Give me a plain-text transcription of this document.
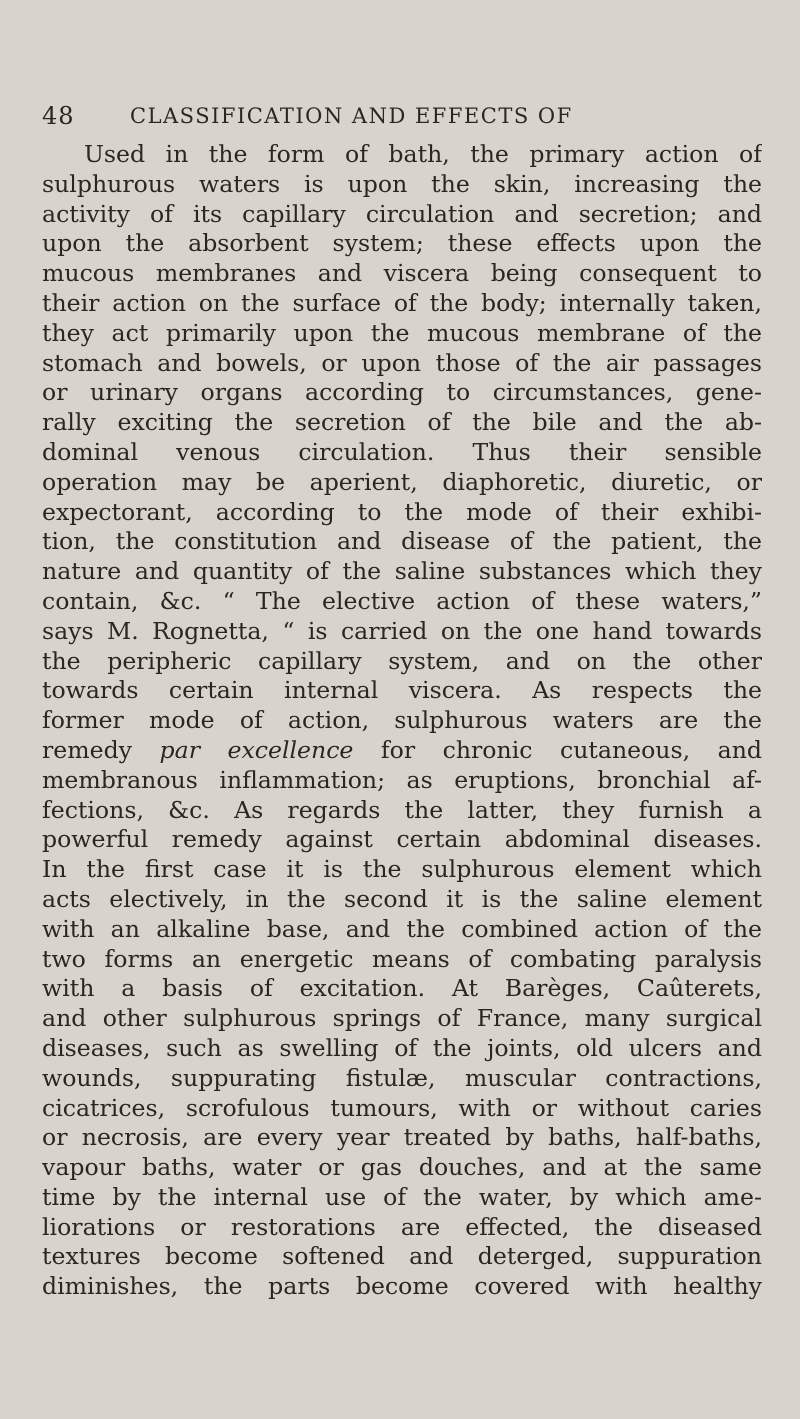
48	CLASSIFICATION AND EFFECTS OF
Used in the form of bath, the primary action of
sulphurous waters is upon the skin, increasing the
activity of its capillary circulation and secretion; and
upon the absorbent system; these effects upon the
mucous membranes and viscera being consequent to
their action on the surface of the body; internally taken,
they act primarily upon the mucous membrane of the
stomach and bowels, or upon those of the air passages
or urinary organs according to circumstances, gene-
rally exciting the secretion of the bile and the ab-
dominal venous circulation. Thus their sensible
operation may be aperient, diaphoretic, diuretic, or
expectorant, according to the mode of their exhibi-
tion, the constitution and disease of the patient, the
nature and quantity of the saline substances which they
contain, &c. “ The elective action of these waters,”
says M. Rognetta, “ is carried on the one hand towards
the peripheric capillary system, and on the other
towards certain internal viscera. As respects the
former mode of action, sulphurous waters are the
remedy par excellence for chronic cutaneous, and
membranous inflammation; as eruptions, bronchial af-
fections, &c. As regards the latter, they furnish a
powerful remedy against certain abdominal diseases.
In the first case it is the sulphurous element which
acts electively, in the second it is the saline element
with an alkaline base, and the combined action of the
two forms an energetic means of combating paralysis
with a basis of excitation. At Barèges, Caûterets,
and other sulphurous springs of France, many surgical
diseases, such as swelling of the joints, old ulcers and
wounds, suppurating fistulæ, muscular contractions,
cicatrices, scrofulous tumours, with or without caries
or necrosis, are every year treated by baths, half-baths,
vapour baths, water or gas douches, and at the same
time by the internal use of the water, by which ame-
liorations or restorations are effected, the diseased
textures become softened and deterged, suppuration
diminishes, the parts become covered with healthy
